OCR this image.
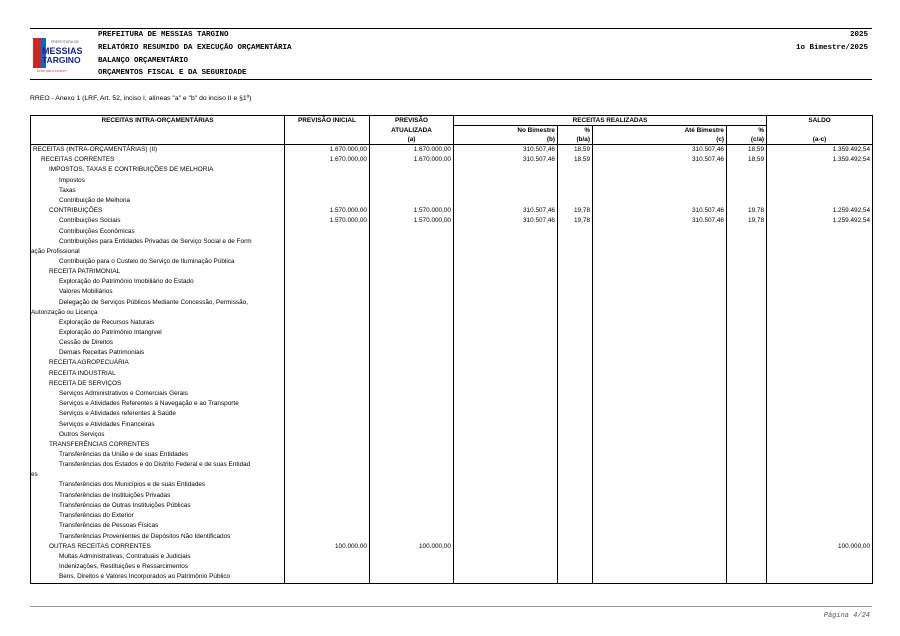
PREFEITURA DE
MESSIAS
TARGINO
Livre para crescer
PREFEITURA DE MESSIAS TARGINO
RELATÓRIO RESUMIDO DA EXECUÇÃO ORÇAMENTÁRIA
BALANÇO ORÇAMENTÁRIO
ORÇAMENTOS FISCAL E DA SEGURIDADE
2025
1o Bimestre/2025
RREO - Anexo 1 (LRF, Art. 52, inciso I, alíneas "a" e "b" do inciso II e §1º)
RECEITAS INTRA-ORÇAMENTÁRIAS	PREVISÃO INICIAL	PREVISÃO	RECEITAS REALIZADAS				SALDO
		ATUALIZADA	No Bimestre	%	Até Bimestre	%	
		(a)	(b)	(b/a)	(c)	(c/a)	(a-c)

RECEITAS (INTRA-ORÇAMENTÁRIAS) (II)	1.670.000,00	1.670.000,00	310.507,46	18,59	310.507,46	18,59	1.359.492,54

RECEITAS CORRENTES	1.670.000,00	1.670.000,00	310.507,46	18,59	310.507,46	18,59	1.359.492,54

IMPOSTOS, TAXAS E CONTRIBUIÇÕES DE MELHORIA							

Impostos							

Taxas							

Contribuição de Melhoria							

CONTRIBUIÇÕES	1.570.000,00	1.570.000,00	310.507,46	19,78	310.507,46	19,78	1.259.492,54

Contribuições Sociais	1.570.000,00	1.570.000,00	310.507,46	19,78	310.507,46	19,78	1.259.492,54

Contribuições Econômicas							

Contribuições para Entidades Privadas de Serviço Social e de Form
ação Profissional							

Contribuição para o Custeio do Serviço de Iluminação Pública							

RECEITA PATRIMONIAL							

Exploração do Patrimônio Imobiliário do Estado							

Valores Mobiliários							

Delegação de Serviços Públicos Mediante Concessão, Permissão,
Autorização ou Licença							

Exploração de Recursos Naturais							

Exploração do Patrimônio Intangível							

Cessão de Direitos							

Demais Receitas Patrimoniais							

RECEITA AGROPECUÁRIA							

RECEITA INDUSTRIAL							

RECEITA DE SERVIÇOS							

Serviços Administrativos e Comerciais Gerais							

Serviços e Atividades Referentes à Navegação e ao Transporte							

Serviços e Atividades referentes à Saúde							

Serviços e Atividades Financeiras							

Outros Serviços							

TRANSFERÊNCIAS CORRENTES							

Transferências da União e de suas Entidades							

Transferências dos Estados e do Distrito Federal e de suas Entidad
es							

Transferências dos Municípios e de suas Entidades							

Transferências de Instituições Privadas							

Transferências de Outras Instituições Públicas							

Transferências do Exterior							

Transferências de Pessoas Físicas							

Transferências Provenientes de Depósitos Não Identificados							

OUTRAS RECEITAS CORRENTES	100.000,00	100.000,00					100.000,00

Multas Administrativas, Contratuais e Judiciais							

Indenizações, Restituições e Ressarcimentos							

Bens, Direitos e Valores Incorporados ao Patrimônio Público							

Página 4/24
